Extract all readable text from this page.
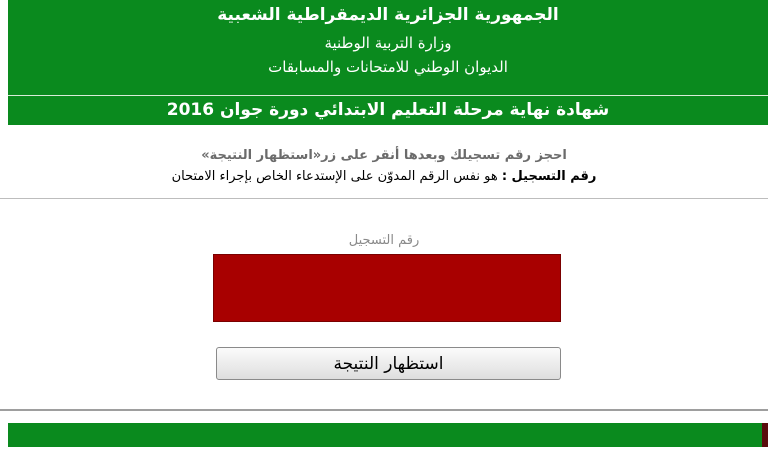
الجمهورية الجزائرية الديمقراطية الشعبية
وزارة التربية الوطنية
الديوان الوطني للامتحانات والمسابقات
شهادة نهاية مرحلة التعليم الابتدائي دورة جوان 2016
احجز رقم تسجيلك وبعدها أنقر على زر«استظهار النتيجة»
رقم التسجيل : هو نفس الرقم المدوّن على الإستدعاء الخاص بإجراء الامتحان
رقم التسجيل
استظهار النتيجة
